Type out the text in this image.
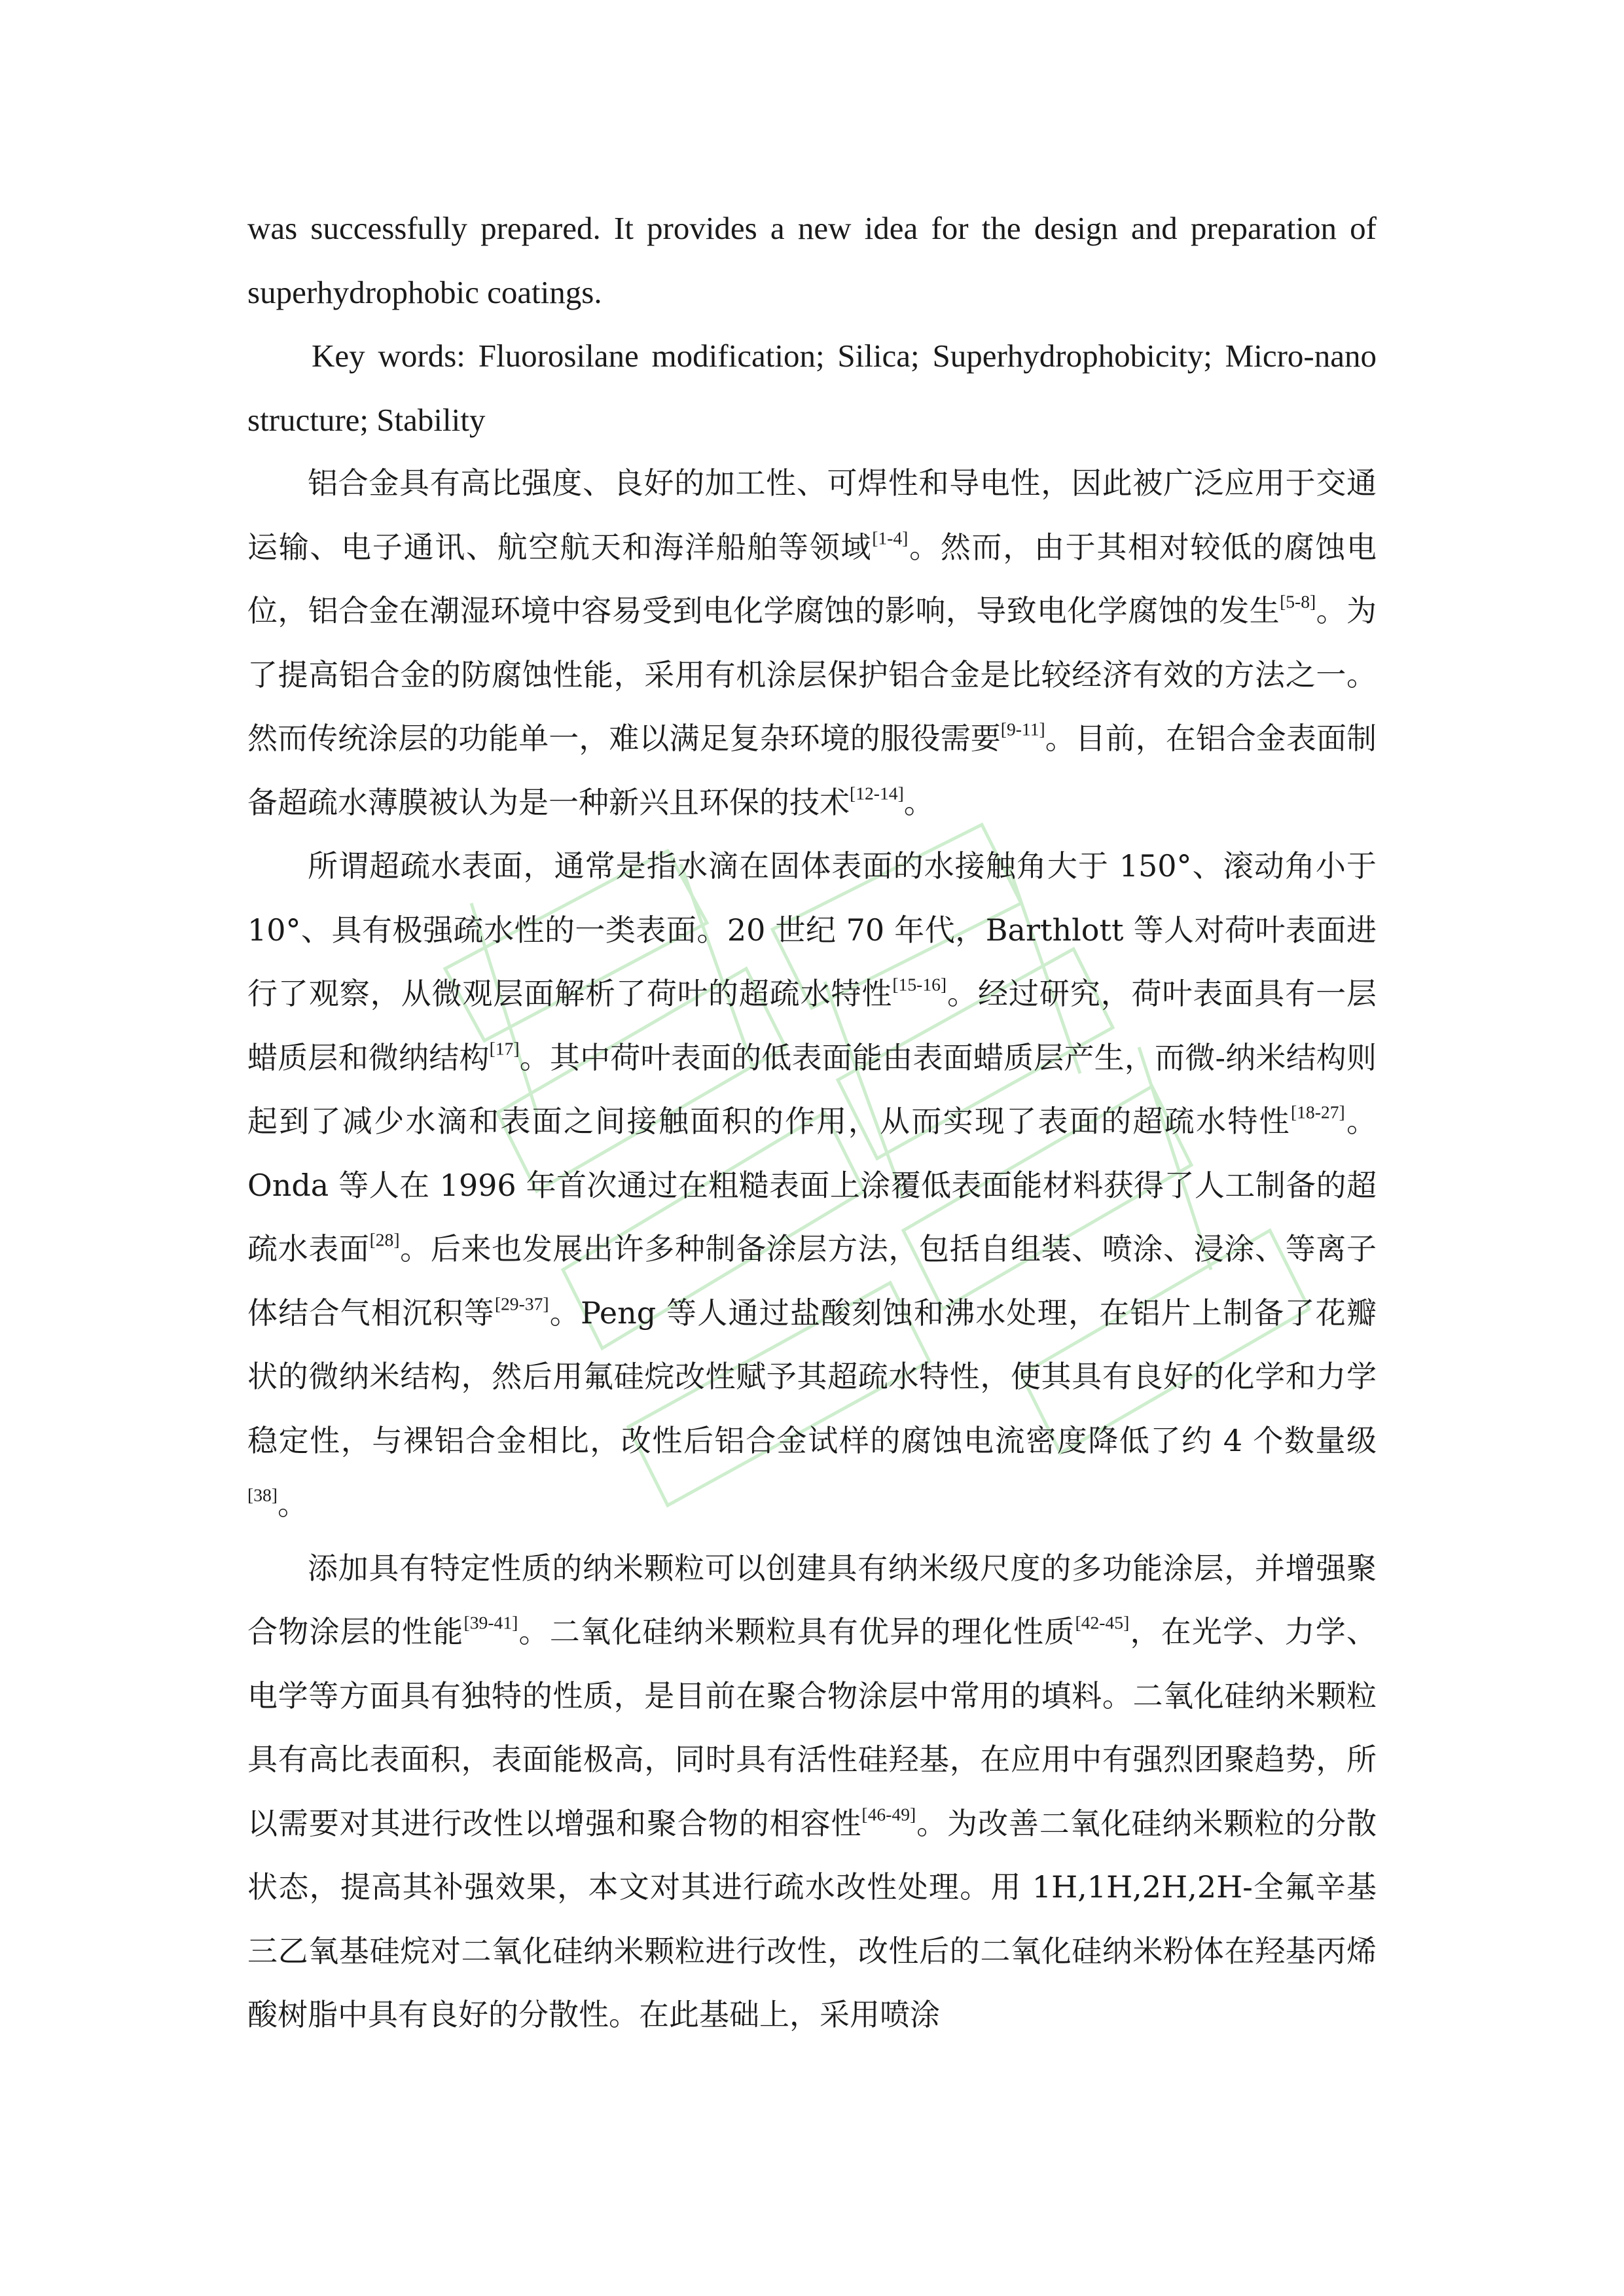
was successfully prepared. It provides a new idea for the design and preparation of superhydrophobic coatings.

Key words: Fluorosilane modification; Silica; Superhydrophobicity; Micro-nano structure; Stability

铝合金具有高比强度、良好的加工性、可焊性和导电性，因此被广泛应用于交通运输、电子通讯、航空航天和海洋船舶等领域[1-4]。然而，由于其相对较低的腐蚀电位，铝合金在潮湿环境中容易受到电化学腐蚀的影响，导致电化学腐蚀的发生[5-8]。为了提高铝合金的防腐蚀性能，采用有机涂层保护铝合金是比较经济有效的方法之一。然而传统涂层的功能单一，难以满足复杂环境的服役需要[9-11]。目前，在铝合金表面制备超疏水薄膜被认为是一种新兴且环保的技术[12-14]。

所谓超疏水表面，通常是指水滴在固体表面的水接触角大于 150°、滚动角小于 10°、具有极强疏水性的一类表面。20 世纪 70 年代，Barthlott 等人对荷叶表面进行了观察，从微观层面解析了荷叶的超疏水特性[15-16]。经过研究，荷叶表面具有一层蜡质层和微纳结构[17]。其中荷叶表面的低表面能由表面蜡质层产生，而微-纳米结构则起到了减少水滴和表面之间接触面积的作用，从而实现了表面的超疏水特性[18-27]。Onda 等人在 1996 年首次通过在粗糙表面上涂覆低表面能材料获得了人工制备的超疏水表面[28]。后来也发展出许多种制备涂层方法，包括自组装、喷涂、浸涂、等离子体结合气相沉积等[29-37]。Peng 等人通过盐酸刻蚀和沸水处理，在铝片上制备了花瓣状的微纳米结构，然后用氟硅烷改性赋予其超疏水特性，使其具有良好的化学和力学稳定性，与裸铝合金相比，改性后铝合金试样的腐蚀电流密度降低了约 4 个数量级[38]。

添加具有特定性质的纳米颗粒可以创建具有纳米级尺度的多功能涂层，并增强聚合物涂层的性能[39-41]。二氧化硅纳米颗粒具有优异的理化性质[42-45]，在光学、力学、电学等方面具有独特的性质，是目前在聚合物涂层中常用的填料。二氧化硅纳米颗粒具有高比表面积，表面能极高，同时具有活性硅羟基，在应用中有强烈团聚趋势，所以需要对其进行改性以增强和聚合物的相容性[46-49]。为改善二氧化硅纳米颗粒的分散状态，提高其补强效果，本文对其进行疏水改性处理。用 1H,1H,2H,2H-全氟辛基三乙氧基硅烷对二氧化硅纳米颗粒进行改性，改性后的二氧化硅纳米粉体在羟基丙烯酸树脂中具有良好的分散性。在此基础上，采用喷涂
